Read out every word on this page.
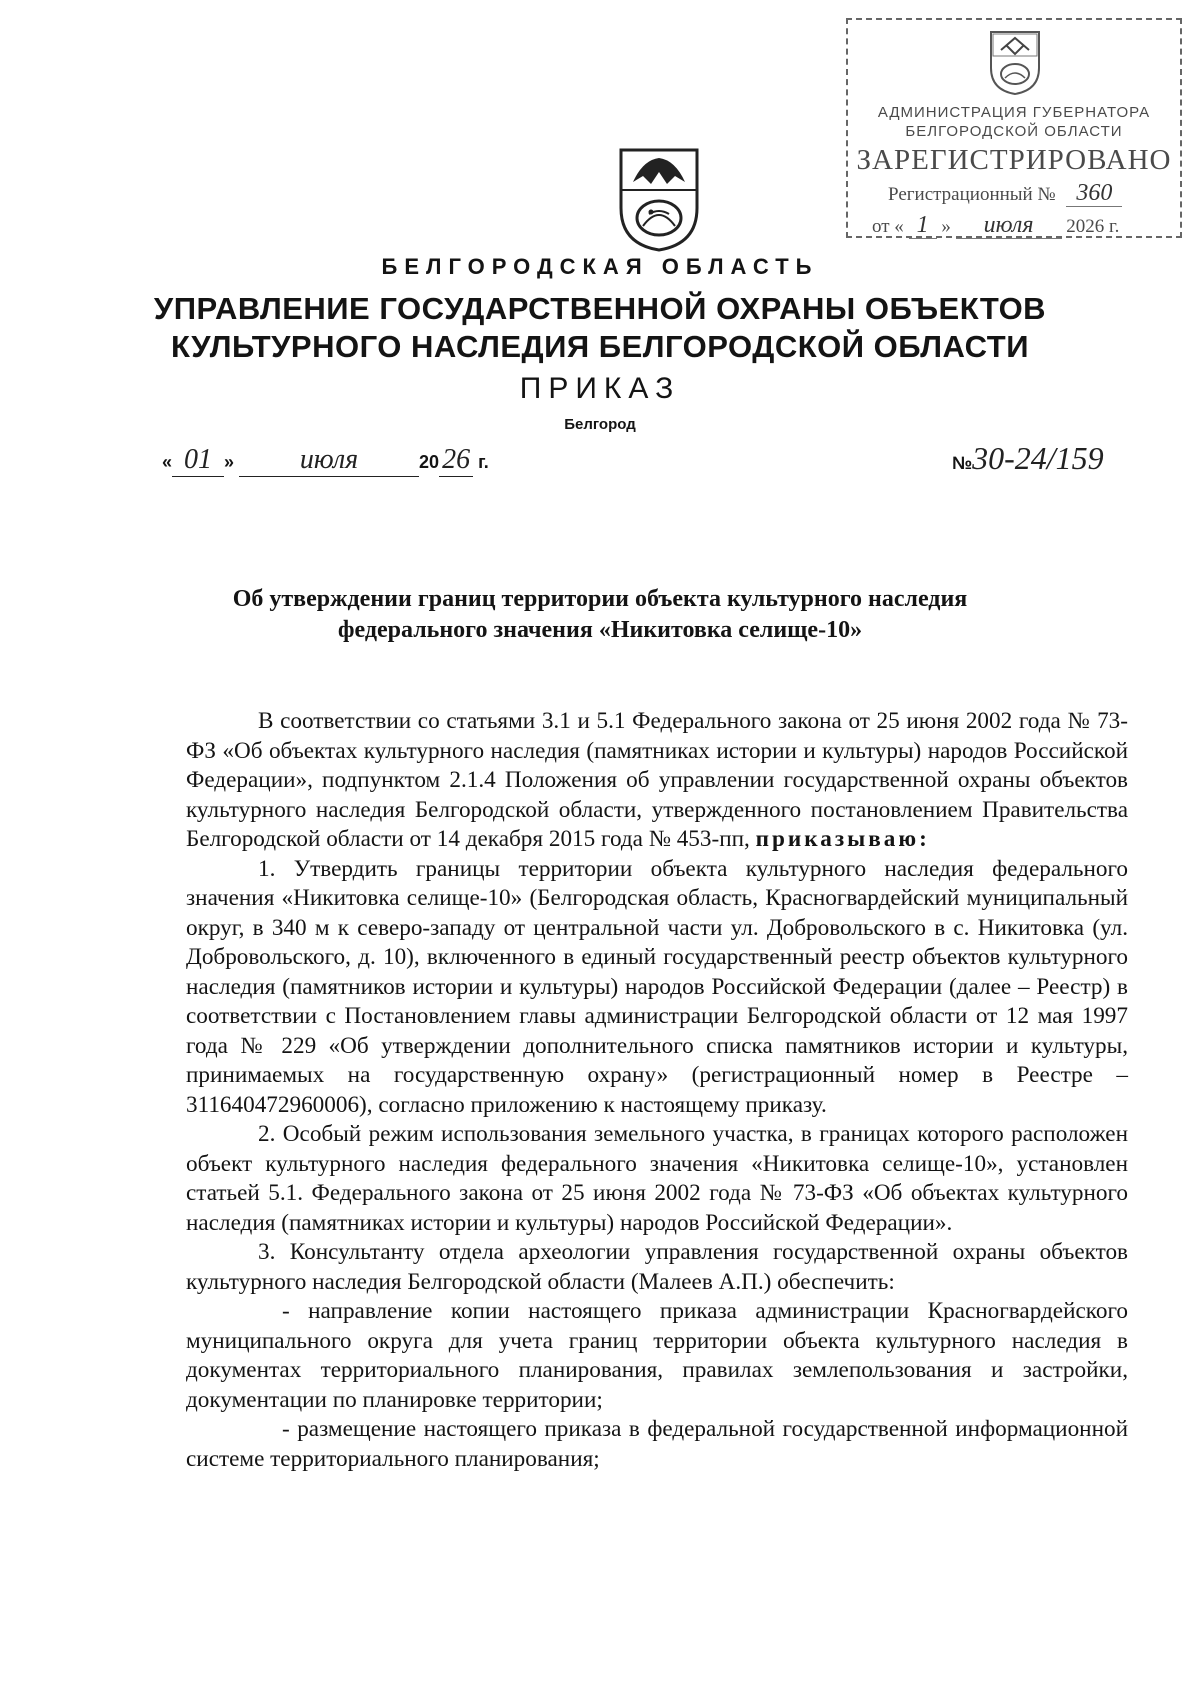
АДМИНИСТРАЦИЯ ГУБЕРНАТОРА
БЕЛГОРОДСКОЙ ОБЛАСТИ
ЗАРЕГИСТРИРОВАНО
Регистрационный № 360
от « 1 » июля 2026 г.
БЕЛГОРОДСКАЯ ОБЛАСТЬ
УПРАВЛЕНИЕ ГОСУДАРСТВЕННОЙ ОХРАНЫ ОБЪЕКТОВ
КУЛЬТУРНОГО НАСЛЕДИЯ БЕЛГОРОДСКОЙ ОБЛАСТИ
ПРИКАЗ
Белгород
« 01 » июля	20 26 г.	№30-24/159
Об утверждении границ территории объекта культурного наследия
федерального значения «Никитовка селище-10»

В соответствии со статьями 3.1 и 5.1 Федерального закона от 25 июня 2002 года № 73-ФЗ «Об объектах культурного наследия (памятниках истории и культуры) народов Российской Федерации», подпунктом 2.1.4 Положения об управлении государственной охраны объектов культурного наследия Белгородской области, утвержденного постановлением Правительства Белгородской области от 14 декабря 2015 года № 453-пп, приказываю:

1. Утвердить границы территории объекта культурного наследия федерального значения «Никитовка селище-10» (Белгородская область, Красногвардейский муниципальный округ, в 340 м к северо-западу от центральной части ул. Добровольского в с. Никитовка (ул. Добровольского, д. 10), включенного в единый государственный реестр объектов культурного наследия (памятников истории и культуры) народов Российской Федерации (далее – Реестр) в соответствии с Постановлением главы администрации Белгородской области от 12 мая 1997 года № 229 «Об утверждении дополнительного списка памятников истории и культуры, принимаемых на государственную охрану» (регистрационный номер в Реестре – 311640472960006), согласно приложению к настоящему приказу.

2. Особый режим использования земельного участка, в границах которого расположен объект культурного наследия федерального значения «Никитовка селище-10», установлен статьей 5.1. Федерального закона от 25 июня 2002 года № 73-ФЗ «Об объектах культурного наследия (памятниках истории и культуры) народов Российской Федерации».

3. Консультанту отдела археологии управления государственной охраны объектов культурного наследия Белгородской области (Малеев А.П.) обеспечить:

- направление копии настоящего приказа администрации Красногвардейского муниципального округа для учета границ территории объекта культурного наследия в документах территориального планирования, правилах землепользования и застройки, документации по планировке территории;

- размещение настоящего приказа в федеральной государственной информационной системе территориального планирования;
